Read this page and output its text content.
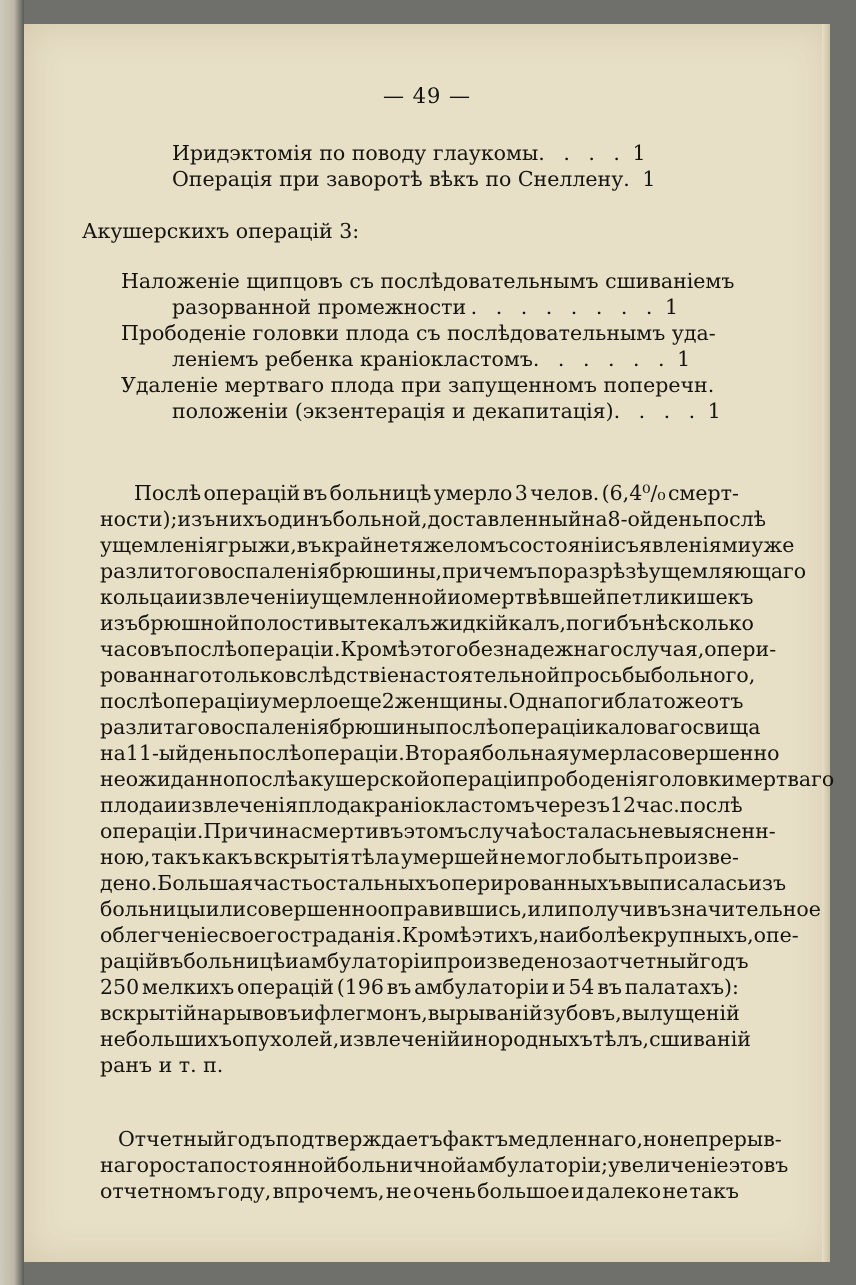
— 49 —
Иридэктомія по поводу глаукомы . . . . 1
Операція при заворотѣ вѣкъ по Снеллену . 1
Акушерскихъ операцій 3:
Наложеніе щипцовъ съ послѣдовательнымъ сшиваніемъ
разорванной промежности . . . . . . . . 1
Прободеніе головки плода съ послѣдовательнымъ уда-
леніемъ ребенка краніокластомъ . . . . . . 1
Удаленіе мертваго плода при запущенномъ поперечн.
положеніи (экзентерація и декапитація) . . . . 1
Послѣ операцій въ больницѣ умерло 3 челов. (6,4⁰/₀ смерт-
ности); изъ нихъ одинъ больной, доставленный на 8-ой день послѣ
ущемленія грыжи, въ крайне тяжеломъ состояніи съ явленіями уже
разлитого воспаленія брюшины, причемъ по разрѣзѣ ущемляющаго
кольца и извлеченіи ущемленной и омертвѣвшей петли кишекъ
изъ брюшной полости вытекалъ жидкій калъ, погибъ нѣсколько
часовъ послѣ операціи. Кромѣ этого безнадежнаго случая, опери-
рованнаго только вслѣдствіе настоятельной просьбы больного,
послѣ операціи умерло еще 2 женщины. Одна погибла тоже отъ
разлитаго воспаленія брюшины послѣ операціи каловаго свища
на 11-ый день послѣ операціи. Вторая больная умерла совершенно
неожиданно послѣ акушерской операціи прободенія головки мертваго
плода и извлеченія плода краніокластомъ черезъ 12 час. послѣ
операціи. Причина смерти въ этомъ случаѣ осталась невыясненн-
ною, такъ какъ вскрытія тѣла умершей не могло быть произве-
дено. Большая часть остальныхъ оперированныхъ выписалась изъ
больницы или совершенно оправившись, или получивъ значительное
облегченіе своего страданія. Кромѣ этихъ, наиболѣе крупныхъ, опе-
рацій въ больницѣ и амбулаторіи произведено за отчетный годъ
250 мелкихъ операцій (196 въ амбулаторіи и 54 въ палатахъ):
вскрытій нарывовъ и флегмонъ, вырываній зубовъ, вылущеній
небольшихъ опухолей, извлеченій инородныхъ тѣлъ, сшиваній
ранъ и т. п.
Отчетный годъ подтверждаетъ фактъ медленнаго, но непрерыв-
наго роста постоянной больничной амбулаторіи; увеличеніе это въ
отчетномъ году, впрочемъ, не очень большое и далеко не такъ
